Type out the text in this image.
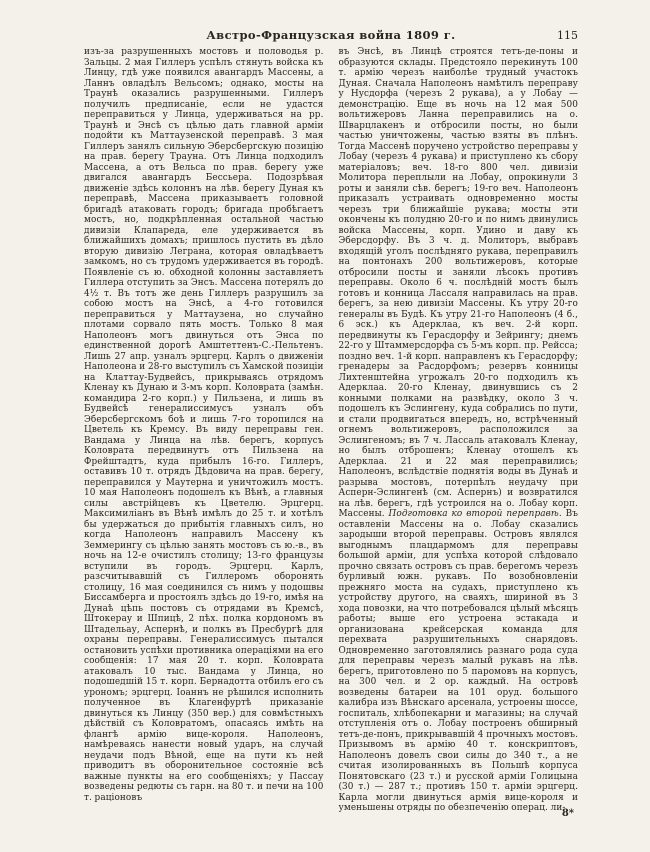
Австро-Французская война 1809 г.	115
изъ-за разрушенныхъ мостовъ и половодья р. Зальцы. 2 мая Гиллеръ успѣлъ стянуть войска къ Линцу, гдѣ уже появился авангардъ Массены, а Ланнъ овладѣлъ Вельсомъ; однако, мосты на Траунѣ оказались разрушенными. Гиллеръ получилъ предписаніе, если не удастся переправиться у Линца, удерживаться на рр. Траунѣ и Энсѣ съ цѣлью дать главной арміи подойти къ Маттаузенской переправѣ. 3 мая Гиллеръ занялъ сильную Эберсбергскую позицію на прав. берегу Трауна. Отъ Линца подходилъ Массена, а отъ Вельса по прав. берегу уже двигался авангардъ Бессьера. Подозрѣвая движеніе здѣсь колоннъ на лѣв. берегу Дуная къ переправѣ, Массена приказываетъ головной бригадѣ атаковать городъ; бригада пробѣгаетъ мостъ, но, подкрѣпленная остальной частью дивизіи Клапареда, еле удерживается въ ближайшихъ домахъ; пришлось пустить въ дѣло вторую дивизію Леграна, которая овладѣваетъ замкомъ, но съ трудомъ удерживается въ городѣ. Появленіе съ ю. обходной колонны заставляетъ Гиллера отступить за Энсъ. Массена потерялъ до 4½ т. Въ тотъ же день Гиллеръ разрушилъ за собою мостъ на Энсѣ, а 4-го готовился переправиться у Маттаузена, но случайно плотами сорвало пять мостъ. Только 8 мая Наполеонъ могъ двинуться отъ Энса по единственной дорогѣ Амштеттенъ-С.-Пельтенъ. Лишь 27 апр. узналъ эрцгерц. Карлъ о движеніи Наполеона и 28-го выступилъ съ Хамской позиціи на Клаттау-Будвейсъ, прикрываясь отрядомъ Кленау къ Дунаю и 3-мъ корп. Коловрата (замѣн. командира 2-го корп.) у Пильзена, и лишь въ Будвейсѣ генералиссимусъ узналъ объ Эберсбергскомъ боѣ и лишь 7-го торопился на Цветель къ Кремсу. Въ виду переправы ген. Вандама у Линца на лѣв. берегъ, корпусъ Коловрата передвинутъ отъ Пильзена на Фрейштадтъ, куда прибылъ 16-го. Гиллеръ, оставивъ 10 т. отрядъ Дѣдовича на прав. берегу, переправился у Маутерна и уничтожилъ мостъ. 10 мая Наполеонъ подошелъ къ Вѣнѣ, а главныя силы австрійцевъ къ Цветелю. Эрцгерц. Максимиліанъ въ Вѣнѣ имѣлъ до 25 т. и хотѣлъ бы удержаться до прибытія главныхъ силъ, но когда Наполеонъ направилъ Массену къ Земмерингу съ цѣлью занять мостовъ съ ю.-в., въ ночь на 12-е очистилъ столицу; 13-го французы вступили въ городъ. Эрцгерц. Карлъ, разсчитывавшій съ Гиллеромъ оборонять столицу, 16 мая соединился съ нимъ у подошвы Биссамберга и простоялъ здѣсь до 19-го, имѣя на Дунаѣ цѣпь постовъ съ отрядами въ Кремсѣ, Штокерау и Шпицѣ, 2 пѣх. полка кордономъ въ Штадельау, Аспернѣ, и полкъ въ Пресбургѣ для охраны переправы. Генералиссимусъ пытался остановить успѣхи противника операціями на его сообщенія: 17 мая 20 т. корп. Коловрата атаковалъ 10 тыс. Вандама у Линца, но подошедшій 15 т. корп. Бернадотта отбилъ его съ урономъ; эрцгерц. Іоаннъ не рѣшился исполнить полученное въ Клагенфуртѣ приказаніе двинуться къ Линцу (350 вер.) для совмѣстныхъ дѣйствій съ Коловратомъ, опасаясь имѣть на флангѣ армію вице-короля. Наполеонъ, намѣреваясь нанести новый ударъ, на случай неудачи подъ Вѣной, еще на пути къ ней приводитъ въ оборонительное состояніе всѣ важные пункты на его сообщеніяхъ; у Пассау возведены редюты съ гарн. на 80 т. и печи на 100 т. раціоновъ
въ Энсѣ, въ Линцѣ строятся тетъ-де-поны и образуются склады. Предстояло перекинуть 100 т. армію черезъ наиболѣе трудный участокъ Дуная. Сначала Наполеонъ намѣтилъ переправу у Нусдорфа (черезъ 2 рукава), а у Лобау — демонстрацію. Еще въ ночь на 12 мая 500 вольтижеровъ Ланна переправились на о. Шварцлакенъ и отбросили посты, но были частью уничтожены, частью взяты въ плѣнъ. Тогда Массенѣ поручено устройство переправы у Лобау (черезъ 4 рукава) и приступлено къ сбору матеріаловъ; веч. 18-го 800 чел. дивизіи Молитора переплыли на Лобау, опрокинули 3 роты и заняли сѣв. берегъ; 19-го веч. Наполеонъ приказалъ устраивать одновременно мосты черезъ три ближайшіе рукава; мосты эти окончены къ полудню 20-го и по нимъ двинулись войска Массены, корп. Удино и даву къ Эберсдорфу. Въ 3 ч. д. Молиторъ, выбравъ входящій уголъ послѣдняго рукава, переправилъ на понтонахъ 200 вольтижеровъ, которые отбросили посты и заняли лѣсокъ противъ переправы. Около 6 ч. послѣдній мостъ былъ готовъ и конница Лассаля направилась на прав. берегъ, за нею дивизіи Массены. Къ утру 20-го генералы въ Будѣ. Къ утру 21-го Наполеонъ (4 б., 6 эск.) къ Адерклаа, къ веч. 2-й корп. передвинуты къ Герасдорфу и Зейрингу; днемъ 22-го у Штаммерсдорфа съ 5-мъ корп. пр. Рейсса; поздно веч. 1-й корп. направленъ къ Герасдорфу; гренадеры за Расдорфомъ; резервъ конницы Лихтенштейна угрожалъ 20-го подходилъ къ Адерклаа. 20-го Кленау, двинувшись съ 2 конными полками на развѣдку, около 3 ч. подошелъ къ Эслингену, куда собрались по пути, и стали продвигаться впередъ, но, встрѣченный огнемъ вольтижеровъ, расположился за Эслингеномъ; въ 7 ч. Лассаль атаковалъ Кленау, но былъ отброшенъ; Кленау отошелъ къ Адерклаа. 21 и 22 мая переправились; Наполеонъ, вслѣдствіе поднятія воды въ Дунаѣ и разрыва мостовъ, потерпѣлъ неудачу при Асперн-Эслингенѣ (см. Аспернъ) и возвратился на лѣв. берегъ, гдѣ устроился на о. Лобау корп. Массены. Подготовка ко второй переправѣ. Въ оставленіи Массены на о. Лобау сказались зародыши второй переправы. Островъ являлся выгоднымъ плацдармомъ для переправы большой арміи, для успѣха которой слѣдовало прочно связать островъ съ прав. берегомъ черезъ бурливый южн. рукавъ. По возобновленіи прежняго моста на судахъ, приступлено къ устройству другого, на сваяхъ, шириной въ 3 хода повозки, на что потребовался цѣлый мѣсяцъ работы; выше его устроена эстакада и организована крейсерская команда для перехвата разрушительныхъ снарядовъ. Одновременно заготовлялись разнаго рода суда для переправы черезъ малый рукавъ на лѣв. берегъ, приготовлено по 5 паромовъ на корпусъ, на 300 чел. и 2 ор. каждый. На островѣ возведены батареи на 101 оруд. большого калибра изъ Вѣнскаго арсенала, устроены шоссе, госпиталь, хлѣбопекарни и магазины; на случай отступленія отъ о. Лобау построенъ обширный тетъ-де-понъ, прикрывавшій 4 прочныхъ мостовъ. Призывомъ въ армію 40 т. конскриптовъ, Наполеонъ довелъ свои силы до 340 т., а не считая изолированныхъ въ Польшѣ корпуса Понятовскаго (23 т.) и русской арміи Голицына (30 т.) — 287 т.; противъ 150 т. арміи эрцгерц. Карла могли двинуться армія вице-короля и уменьшены отряды по обезпеченію операц. ли-
8*
